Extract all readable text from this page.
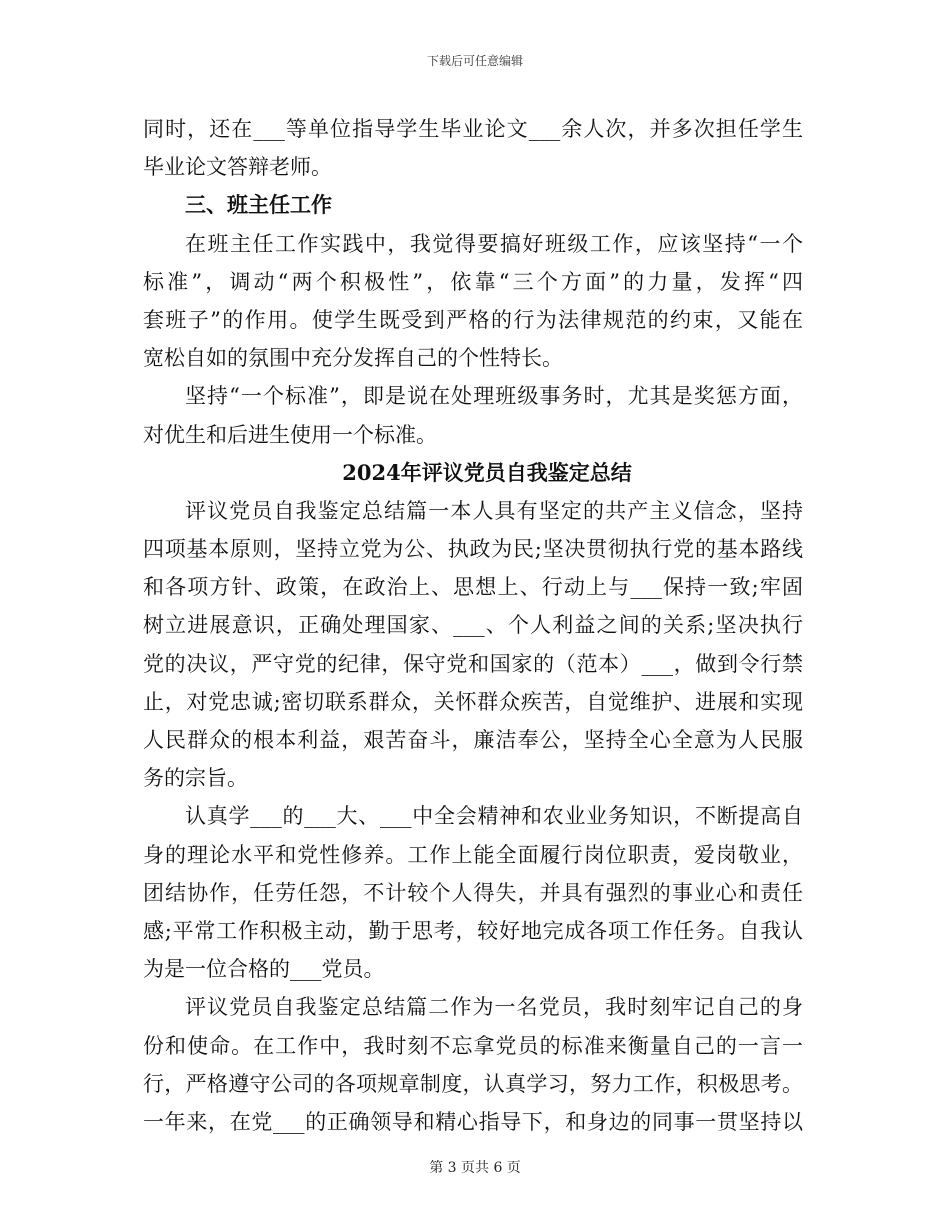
下载后可任意编辑
同时，还在___等单位指导学生毕业论文___余人次，并多次担任学生
毕业论文答辩老师。
三、班主任工作
在班主任工作实践中，我觉得要搞好班级工作，应该坚持“一个
标准”，调动“两个积极性”，依靠“三个方面”的力量，发挥“四
套班子”的作用。使学生既受到严格的行为法律规范的约束，又能在
宽松自如的氛围中充分发挥自己的个性特长。
坚持“一个标准”，即是说在处理班级事务时，尤其是奖惩方面，
对优生和后进生使用一个标准。
2024年评议党员自我鉴定总结
评议党员自我鉴定总结篇一本人具有坚定的共产主义信念，坚持
四项基本原则，坚持立党为公、执政为民;坚决贯彻执行党的基本路线
和各项方针、政策，在政治上、思想上、行动上与___保持一致;牢固
树立进展意识，正确处理国家、___、个人利益之间的关系;坚决执行
党的决议，严守党的纪律，保守党和国家的（范本）___，做到令行禁
止，对党忠诚;密切联系群众，关怀群众疾苦，自觉维护、进展和实现
人民群众的根本利益，艰苦奋斗，廉洁奉公，坚持全心全意为人民服
务的宗旨。
认真学___的___大、___中全会精神和农业业务知识，不断提高自
身的理论水平和党性修养。工作上能全面履行岗位职责，爱岗敬业，
团结协作，任劳任怨，不计较个人得失，并具有强烈的事业心和责任
感;平常工作积极主动，勤于思考，较好地完成各项工作任务。自我认
为是一位合格的___党员。
评议党员自我鉴定总结篇二作为一名党员，我时刻牢记自己的身
份和使命。在工作中，我时刻不忘拿党员的标准来衡量自己的一言一
行，严格遵守公司的各项规章制度，认真学习，努力工作，积极思考。
一年来，在党___的正确领导和精心指导下，和身边的同事一贯坚持以
第 3 页共 6 页
